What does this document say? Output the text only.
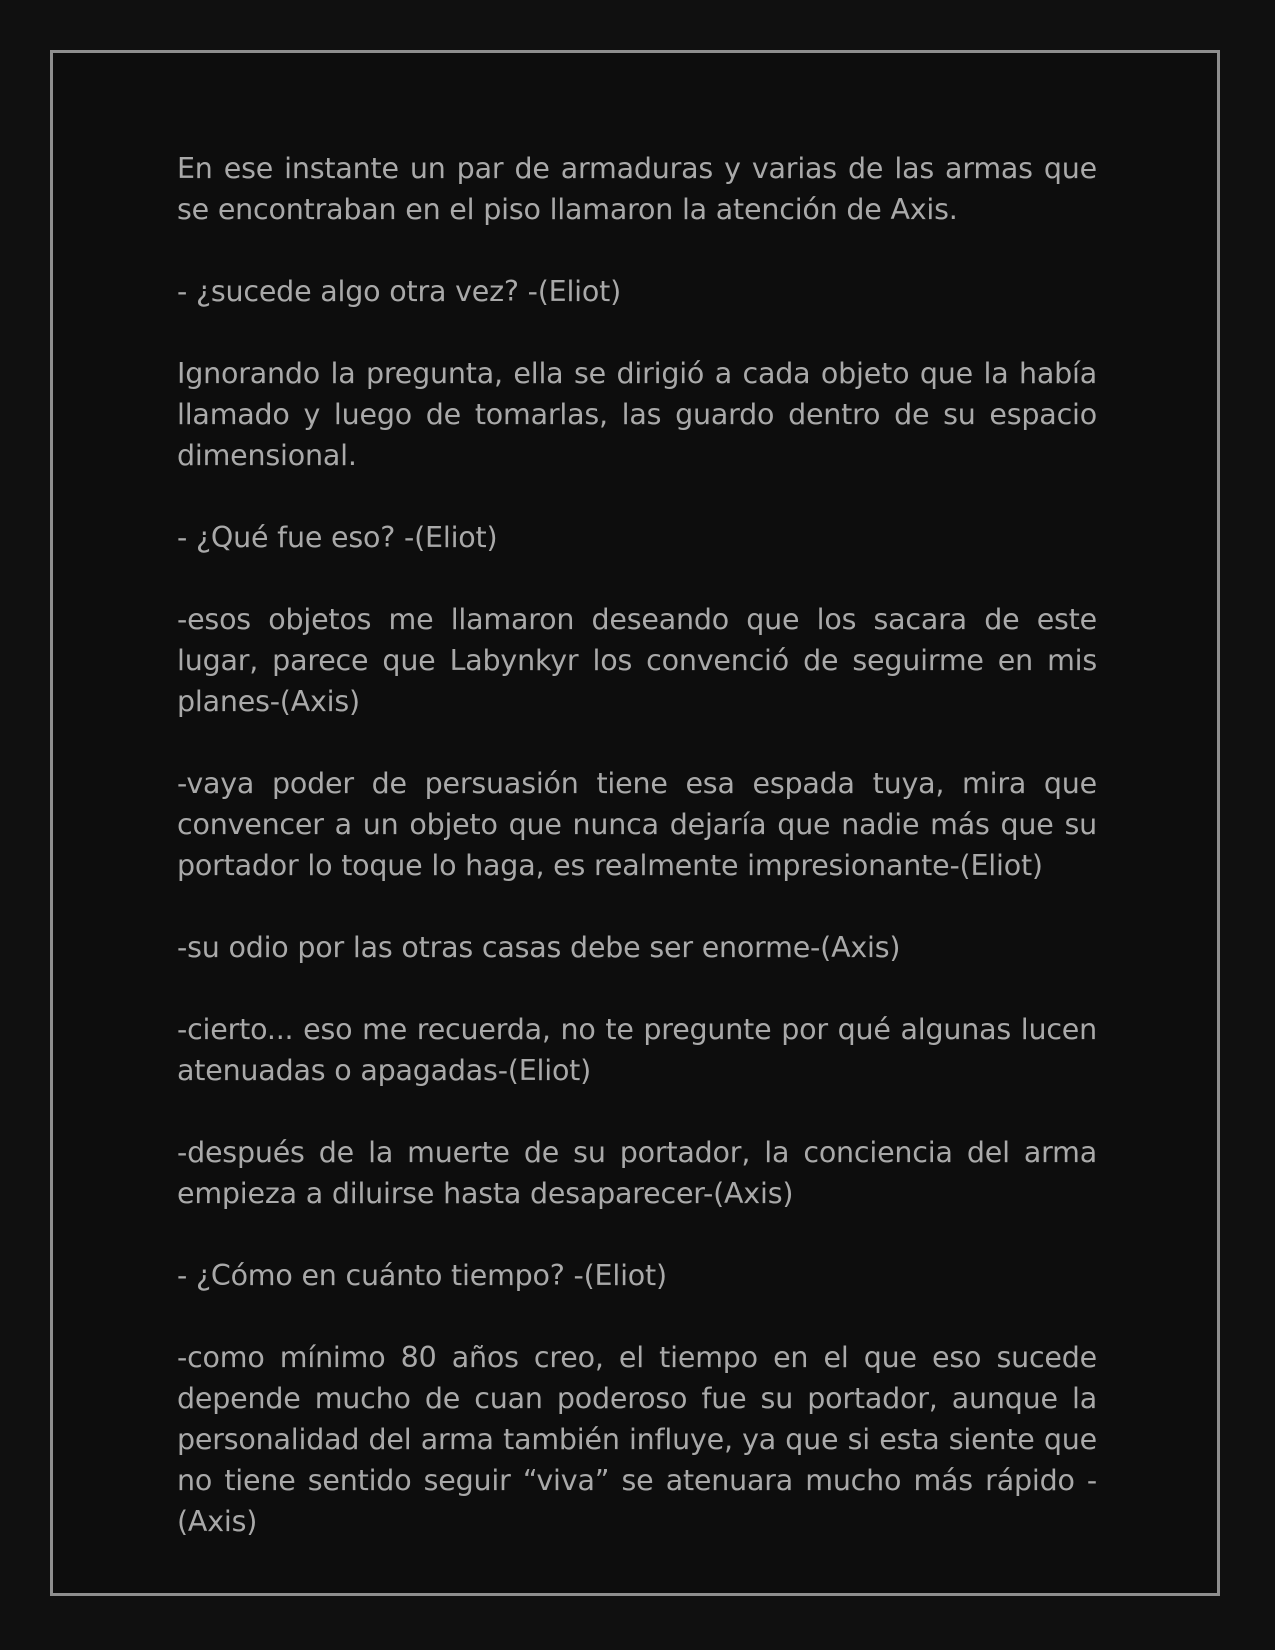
En ese instante un par de armaduras y varias de las armas que se encontraban en el piso llamaron la atención de Axis.

- ¿sucede algo otra vez? -(Eliot)

Ignorando la pregunta, ella se dirigió a cada objeto que la había llamado y luego de tomarlas, las guardo dentro de su espacio dimensional.

- ¿Qué fue eso? -(Eliot)

-esos objetos me llamaron deseando que los sacara de este lugar, parece que Labynkyr los convenció de seguirme en mis planes-(Axis)

-vaya poder de persuasión tiene esa espada tuya, mira que convencer a un objeto que nunca dejaría que nadie más que su portador lo toque lo haga, es realmente impresionante-(Eliot)

-su odio por las otras casas debe ser enorme-(Axis)

-cierto... eso me recuerda, no te pregunte por qué algunas lucen atenuadas o apagadas-(Eliot)

-después de la muerte de su portador, la conciencia del arma empieza a diluirse hasta desaparecer-(Axis)

- ¿Cómo en cuánto tiempo? -(Eliot)

-como mínimo 80 años creo, el tiempo en el que eso sucede depende mucho de cuan poderoso fue su portador, aunque la personalidad del arma también influye, ya que si esta siente que no tiene sentido seguir “viva” se atenuara mucho más rápido -(Axis)
